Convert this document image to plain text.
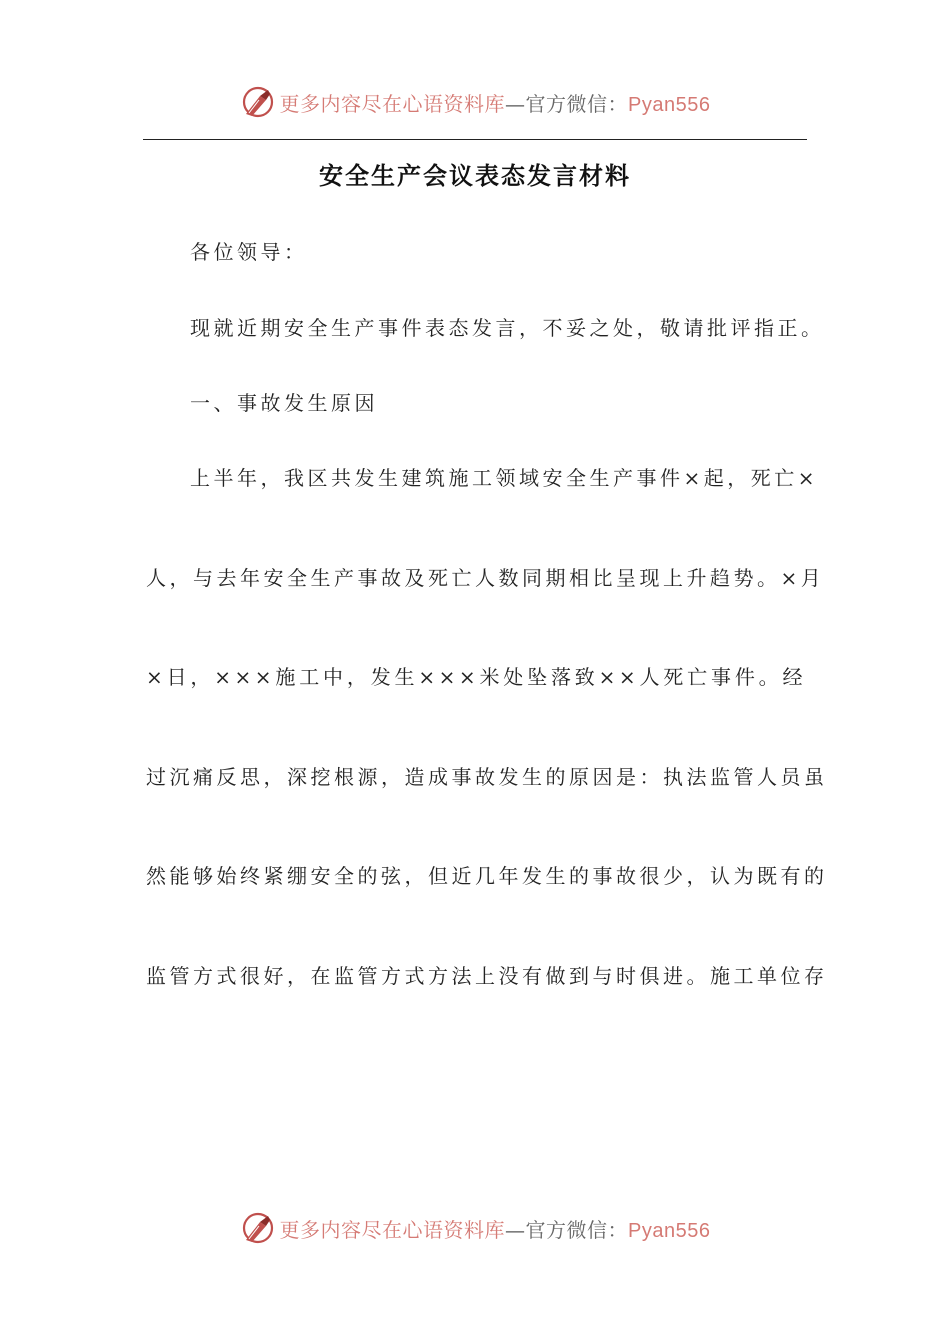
更多内容尽在心语资料库—官方微信：Pyan556
安全生产会议表态发言材料
各位领导：
现就近期安全生产事件表态发言，不妥之处，敬请批评指正。
一、事故发生原因
上半年，我区共发生建筑施工领域安全生产事件×起，死亡×
人，与去年安全生产事故及死亡人数同期相比呈现上升趋势。×月
×日，×××施工中，发生×××米处坠落致××人死亡事件。经
过沉痛反思，深挖根源，造成事故发生的原因是：执法监管人员虽
然能够始终紧绷安全的弦，但近几年发生的事故很少，认为既有的
监管方式很好，在监管方式方法上没有做到与时俱进。施工单位存
更多内容尽在心语资料库—官方微信：Pyan556
